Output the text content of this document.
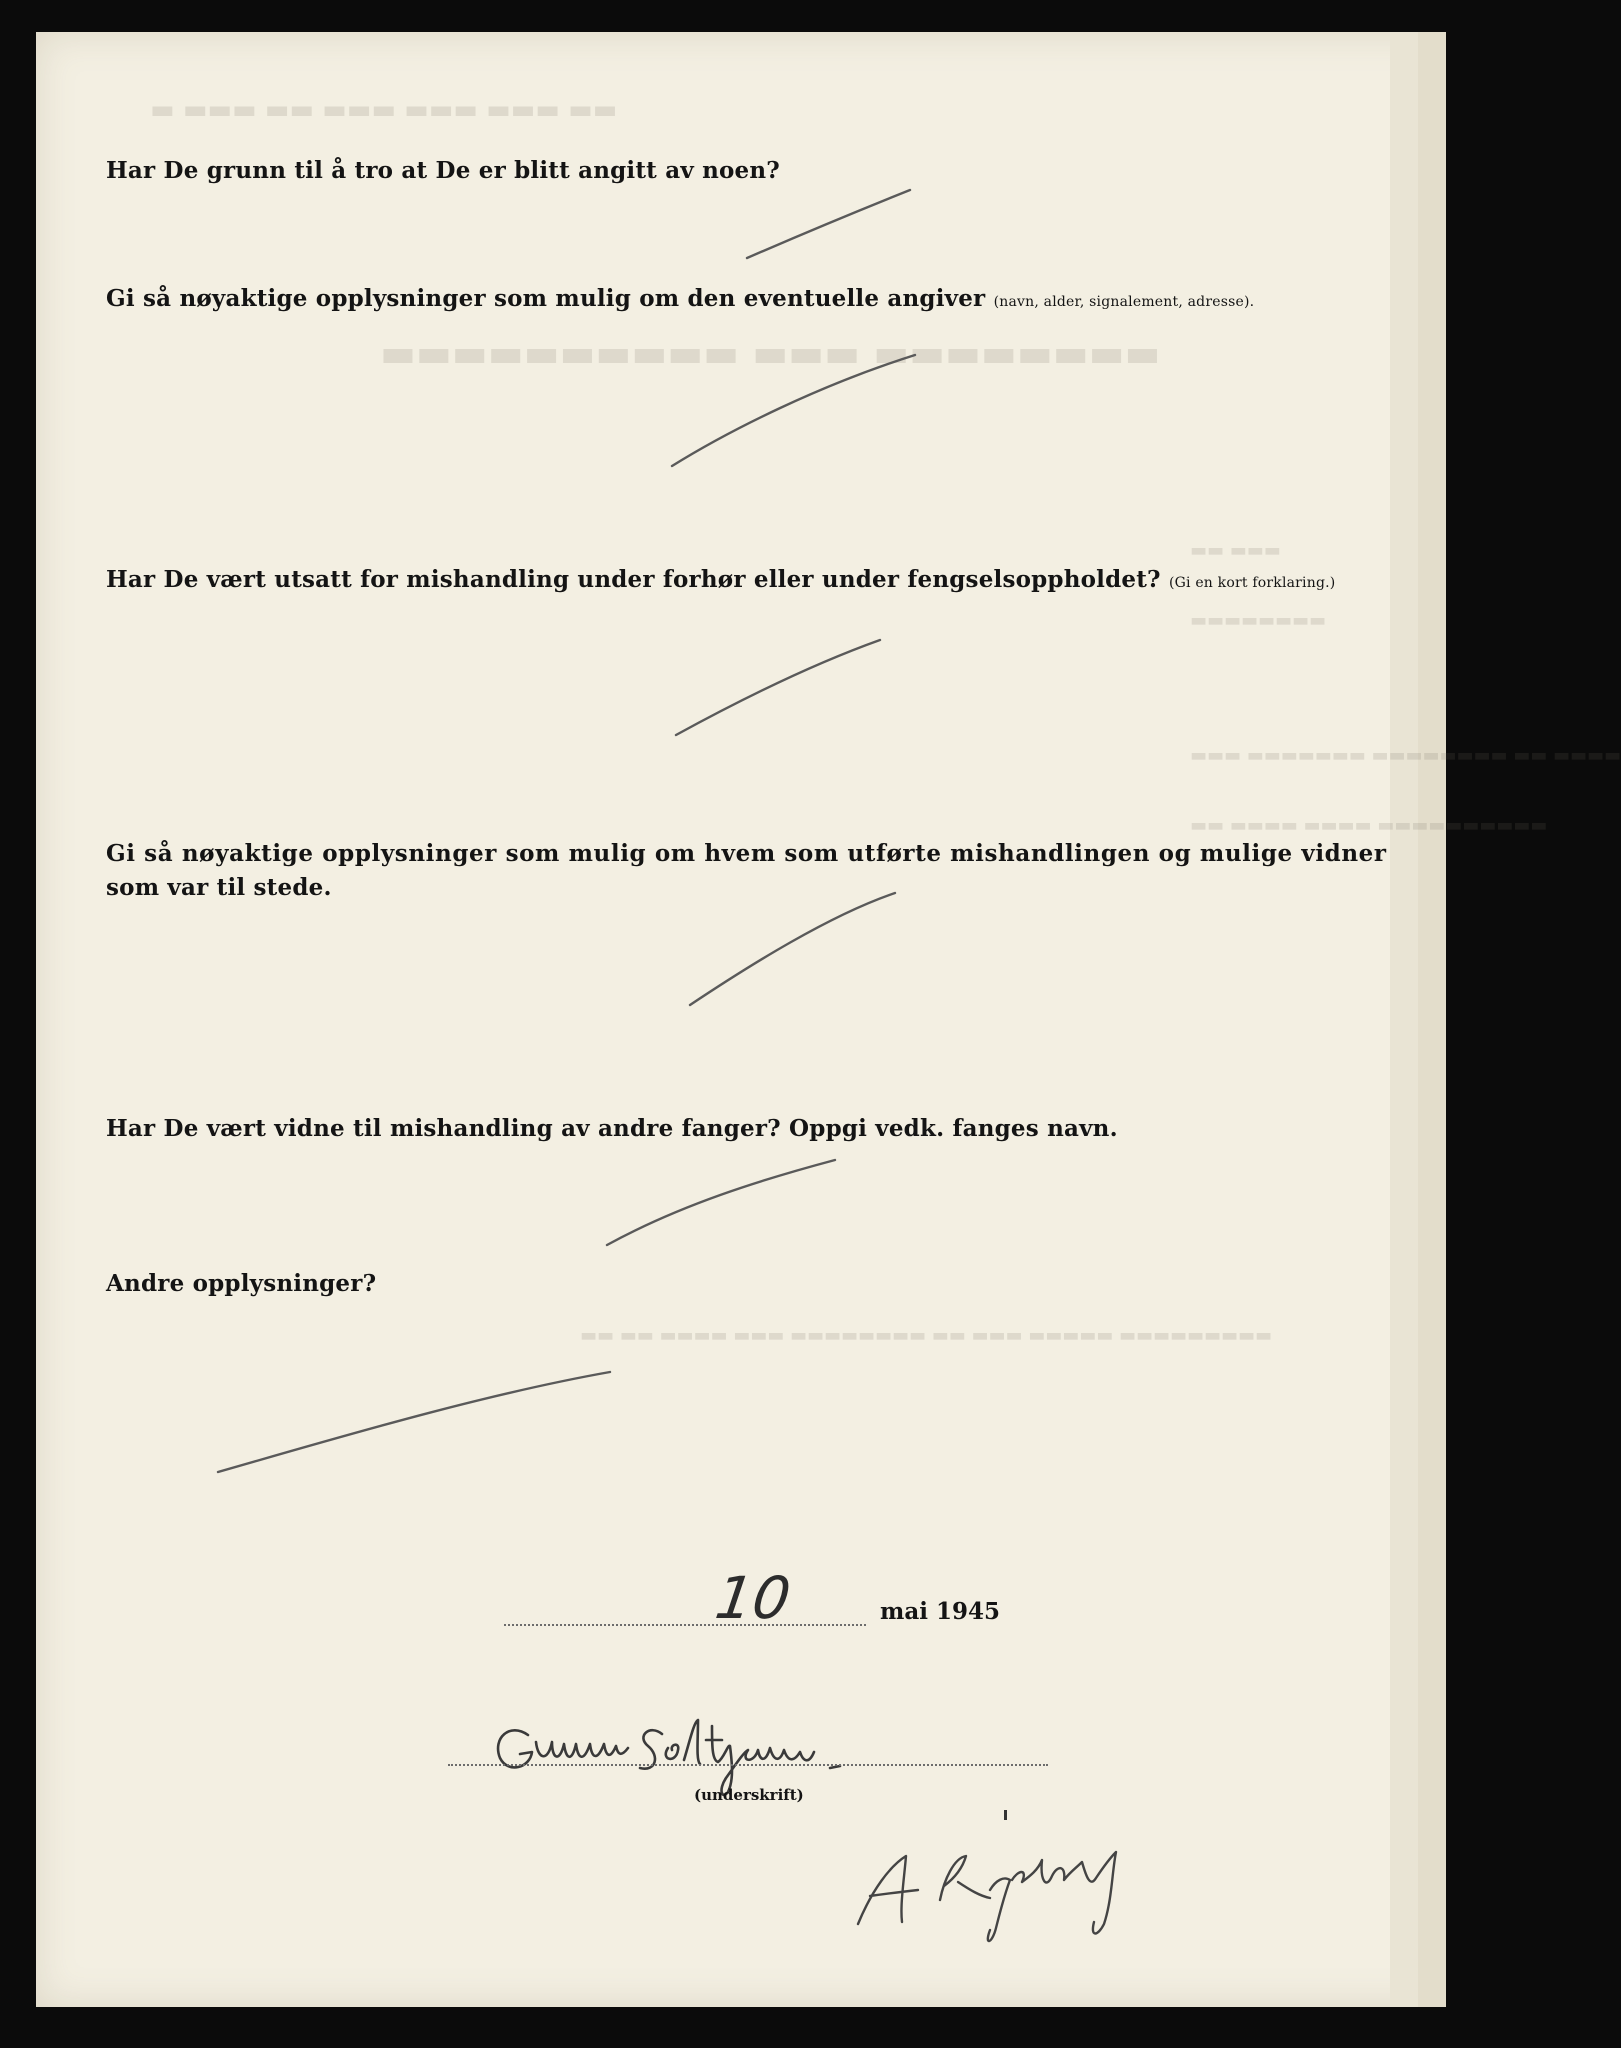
▬ ▬▬▬ ▬▬ ▬▬▬ ▬▬▬ ▬▬▬ ▬▬
▬▬▬▬▬▬▬▬▬▬ ▬▬▬ ▬▬▬▬▬▬▬▬
▬▬ ▬▬▬
▬▬▬▬▬▬▬▬
▬▬▬ ▬▬▬▬▬▬▬ ▬▬▬▬▬▬▬▬ ▬▬ ▬▬▬▬
▬▬ ▬▬▬▬ ▬▬▬▬ ▬▬▬▬▬▬▬▬▬▬
▬▬ ▬▬ ▬▬▬▬ ▬▬▬ ▬▬▬▬▬▬▬▬ ▬▬ ▬▬▬ ▬▬▬▬▬ ▬▬▬▬▬▬▬▬▬
Har De grunn til å tro at De er blitt angitt av noen?
Gi så nøyaktige opplysninger som mulig om den eventuelle angiver (navn, alder, signalement, adresse).
Har De vært utsatt for mishandling under forhør eller under fengselsoppholdet? (Gi en kort forklaring.)
Gi så nøyaktige opplysninger som mulig om hvem som utførte mishandlingen og mulige vidner
som var til stede.
Har De vært vidne til mishandling av andre fanger? Oppgi vedk. fanges navn.
Andre opplysninger?
10	mai 1945
(underskrift)
